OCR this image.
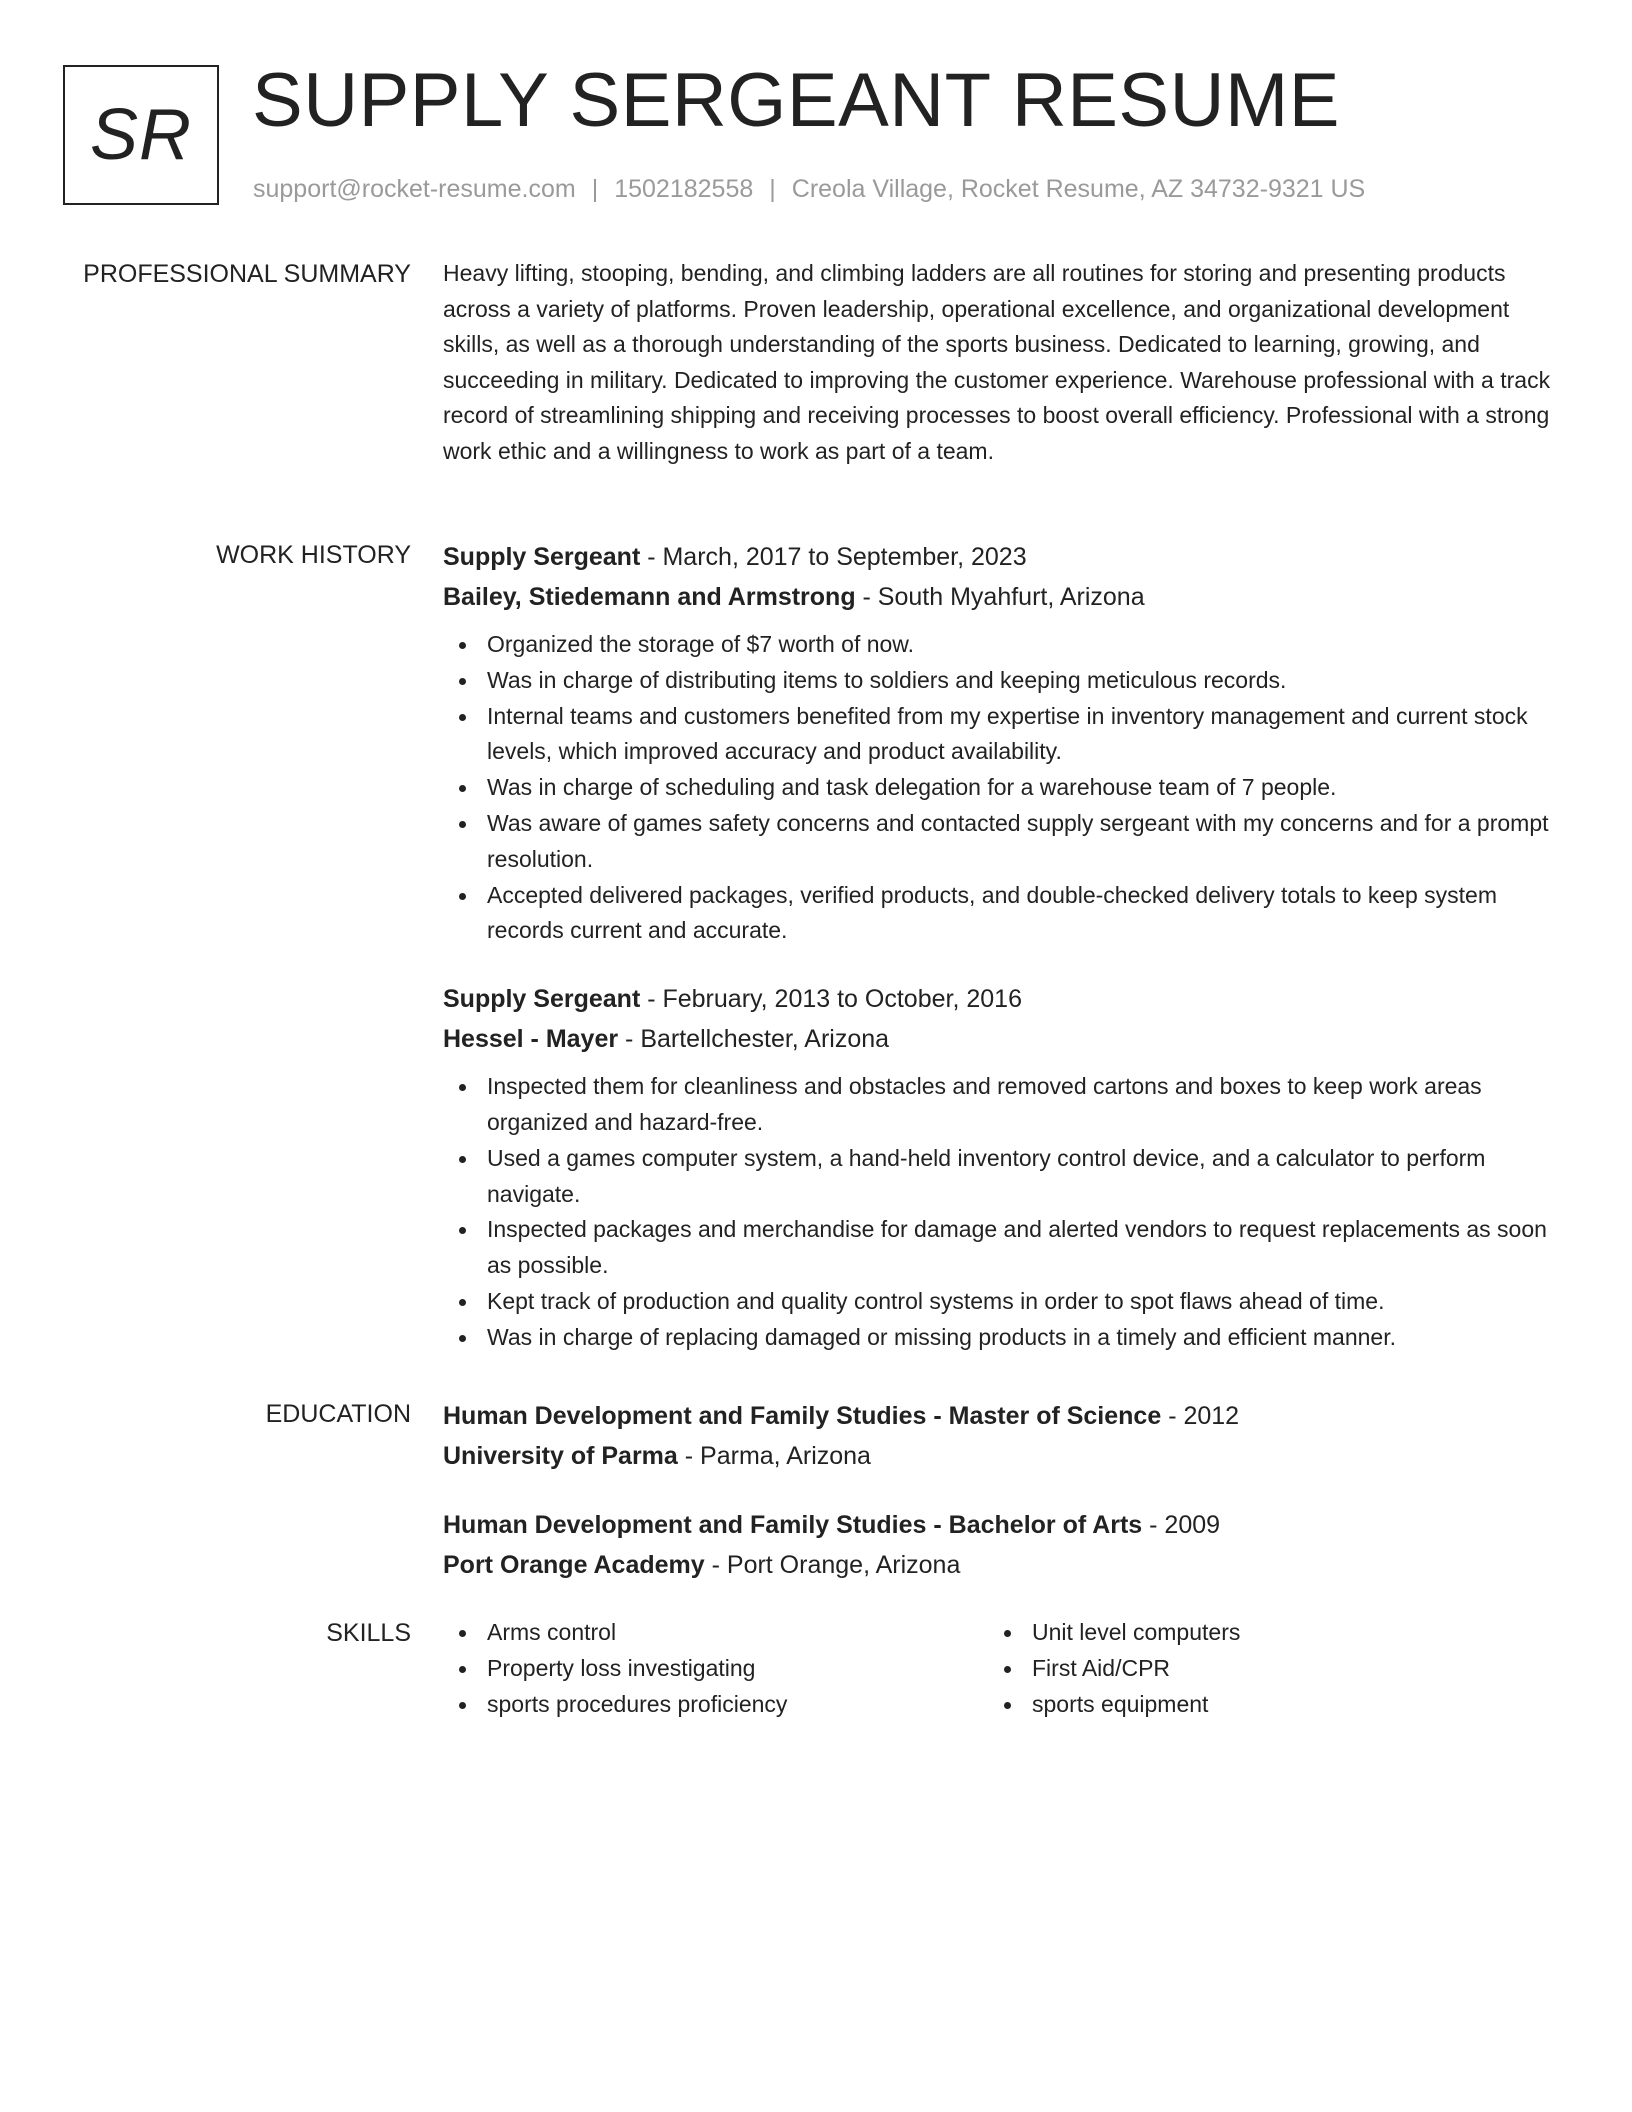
SR SUPPLY SERGEANT RESUME
support@rocket-resume.com | 1502182558 | Creola Village, Rocket Resume, AZ 34732-9321 US
PROFESSIONAL SUMMARY Heavy lifting, stooping, bending, and climbing ladders are all routines for storing and presenting products across a variety of platforms. Proven leadership, operational excellence, and organizational development skills, as well as a thorough understanding of the sports business. Dedicated to learning, growing, and succeeding in military. Dedicated to improving the customer experience. Warehouse professional with a track record of streamlining shipping and receiving processes to boost overall efficiency. Professional with a strong work ethic and a willingness to work as part of a team.

WORK HISTORY Supply Sergeant - March, 2017 to September, 2023
Bailey, Stiedemann and Armstrong - South Myahfurt, Arizona
Organized the storage of $7 worth of now.
Was in charge of distributing items to soldiers and keeping meticulous records.
Internal teams and customers benefited from my expertise in inventory management and current stock levels, which improved accuracy and product availability.
Was in charge of scheduling and task delegation for a warehouse team of 7 people.
Was aware of games safety concerns and contacted supply sergeant with my concerns and for a prompt resolution.
Accepted delivered packages, verified products, and double-checked delivery totals to keep system records current and accurate.
Supply Sergeant - February, 2013 to October, 2016
Hessel - Mayer - Bartellchester, Arizona
Inspected them for cleanliness and obstacles and removed cartons and boxes to keep work areas organized and hazard-free.
Used a games computer system, a hand-held inventory control device, and a calculator to perform navigate.
Inspected packages and merchandise for damage and alerted vendors to request replacements as soon as possible.
Kept track of production and quality control systems in order to spot flaws ahead of time.
Was in charge of replacing damaged or missing products in a timely and efficient manner.
EDUCATION Human Development and Family Studies - Master of Science - 2012
University of Parma - Parma, Arizona
Human Development and Family Studies - Bachelor of Arts - 2009
Port Orange Academy - Port Orange, Arizona
SKILLS	Arms control
Property loss investigating
sports procedures proficiency
Unit level computers
First Aid/CPR
sports equipment
